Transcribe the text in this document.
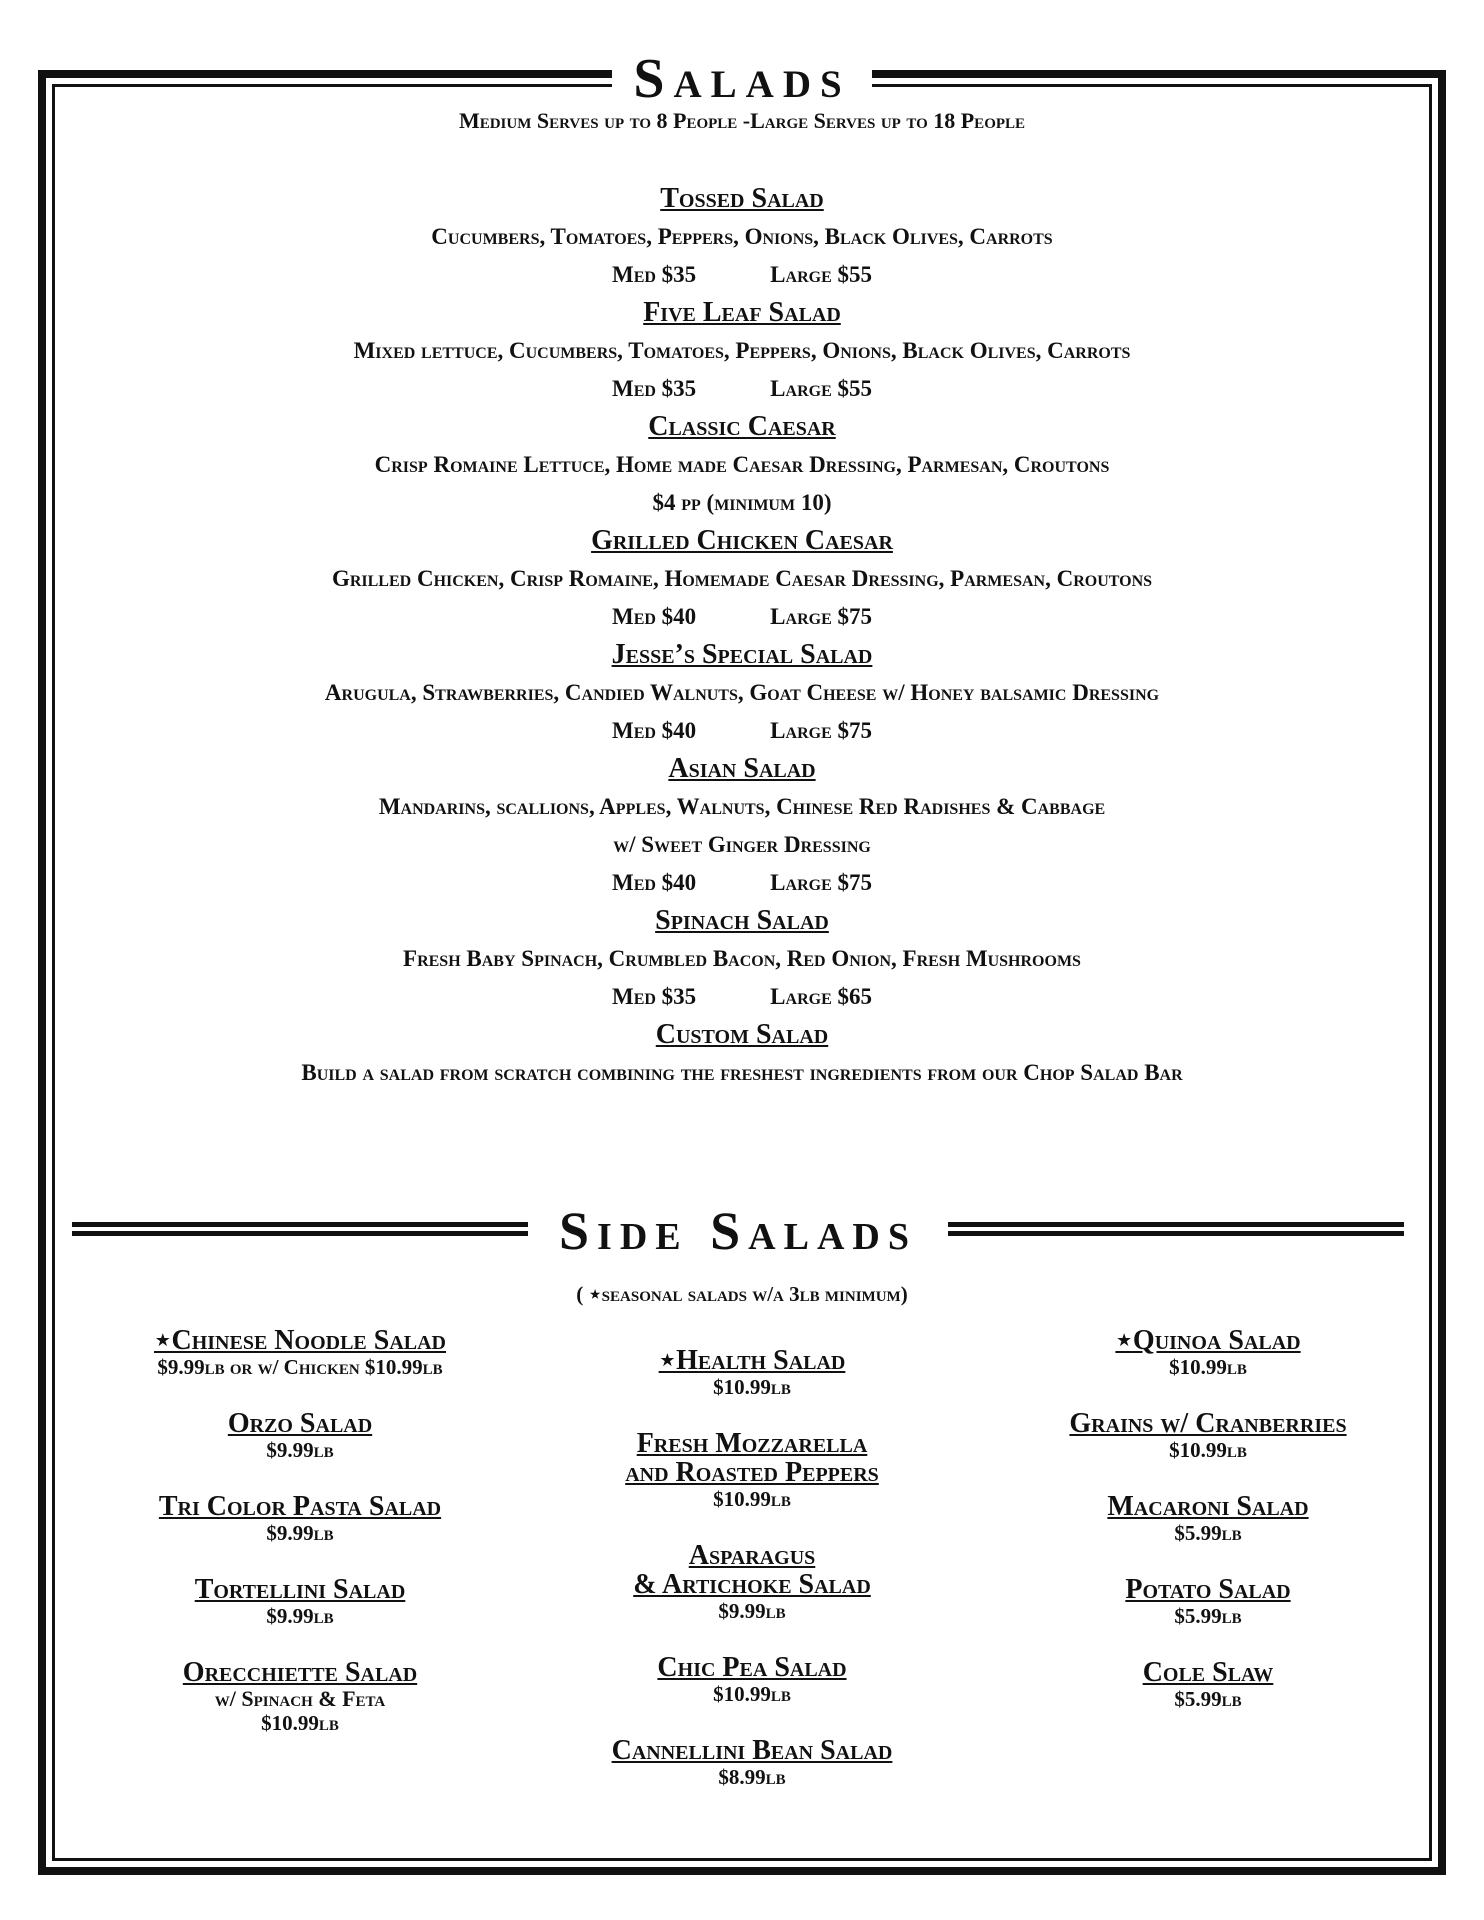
Salads
Medium Serves up to 8 People -Large Serves up to 18 People
Tossed Salad
Cucumbers, Tomatoes, Peppers, Onions, Black Olives, Carrots
Med $35	Large $55
Five Leaf Salad
Mixed lettuce, Cucumbers, Tomatoes, Peppers, Onions, Black Olives, Carrots
Med $35	Large $55
Classic Caesar
Crisp Romaine Lettuce, Home made Caesar Dressing, Parmesan, Croutons
$4 pp (minimum 10)
Grilled Chicken Caesar
Grilled Chicken, Crisp Romaine, Homemade Caesar Dressing, Parmesan, Croutons
Med $40	Large $75
Jesse’s Special Salad
Arugula, Strawberries, Candied Walnuts, Goat Cheese w/ Honey balsamic Dressing
Med $40	Large $75
Asian Salad
Mandarins, scallions, Apples, Walnuts, Chinese Red Radishes & Cabbage
w/ Sweet Ginger Dressing
Med $40	Large $75
Spinach Salad
Fresh Baby Spinach, Crumbled Bacon, Red Onion, Fresh Mushrooms
Med $35	Large $65
Custom Salad
Build a salad from scratch combining the freshest ingredients from our Chop Salad Bar
Side Salads
( ⋆seasonal salads w/a 3lb minimum)
⋆Chinese Noodle Salad
$9.99lb or w/ Chicken $10.99lb
Orzo Salad
$9.99lb
Tri Color Pasta Salad
$9.99lb
Tortellini Salad
$9.99lb
Orecchiette Salad
w/ Spinach & Feta
$10.99lb
⋆Health Salad
$10.99lb
Fresh Mozzarella
and Roasted Peppers
$10.99lb
Asparagus
& Artichoke Salad
$9.99lb
Chic Pea Salad
$10.99lb
Cannellini Bean Salad
$8.99lb
⋆Quinoa Salad
$10.99lb
Grains w/ Cranberries
$10.99lb
Macaroni Salad
$5.99lb
Potato Salad
$5.99lb
Cole Slaw
$5.99lb
